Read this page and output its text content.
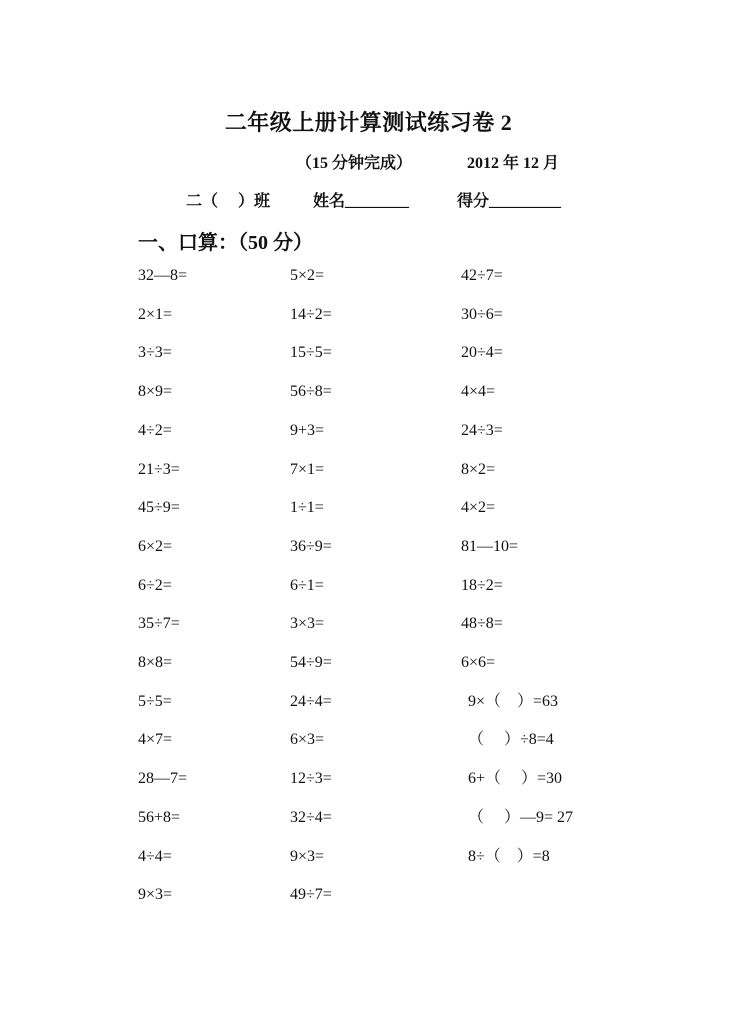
二年级上册计算测试练习卷 2
（15 分钟完成）	2012 年 12 月
二（　 ）班	姓名________	得分_________
一、口算：（50 分）
32—8=	5×2=	42÷7=
2×1=	14÷2=	30÷6=
3÷3=	15÷5=	20÷4=
8×9=	56÷8=	4×4=
4÷2=	9+3=	24÷3=
21÷3=	7×1=	8×2=
45÷9=	1÷1=	4×2=
6×2=	36÷9=	81—10=
6÷2=	6÷1=	18÷2=
35÷7=	3×3=	48÷8=
8×8=	54÷9=	6×6=
5÷5=	24÷4=	9×（　）=63
4×7=	6×3=	（　 ）÷8=4
28—7=	12÷3=	6+（　 ）=30
56+8=	32÷4=	（　 ）—9= 27
4÷4=	9×3=	8÷（　）=8
9×3=	49÷7=
